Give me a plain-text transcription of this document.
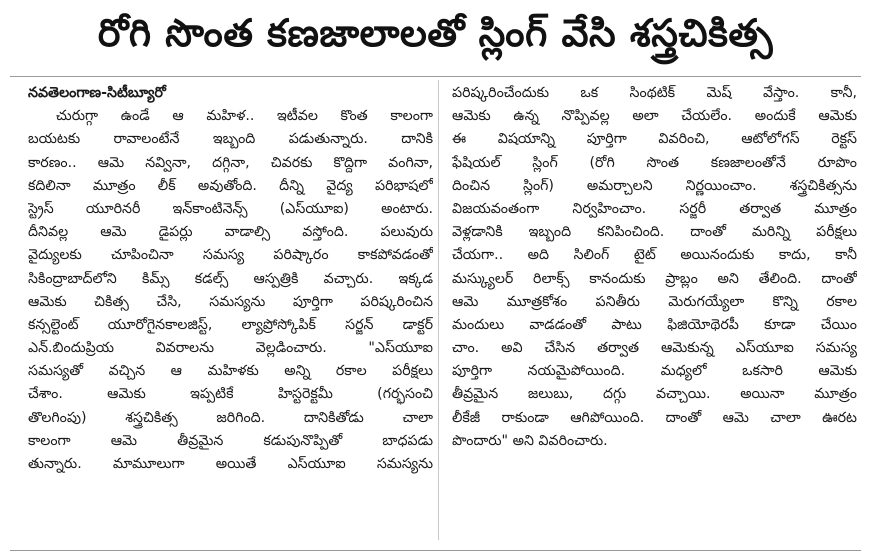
రోగి సొంత కణజాలాలతో స్లింగ్ వేసి శస్త్రచికిత్స
నవతెలంగాణ-సిటీబ్యూరో
చురుగ్గా ఉండే ఆ మహిళ.. ఇటీవల కొంత కాలంగా
బయటకు రావాలంటేనే ఇబ్బంది పడుతున్నారు. దానికి
కారణం.. ఆమె నవ్వినా, దగ్గినా, చివరకు కొద్దిగా వంగినా,
కదిలినా మూత్రం లీక్ అవుతోంది. దీన్ని వైద్య పరిభాషలో
స్ట్రెస్ యూరినరీ ఇన్‌కాంటినెన్స్ (ఎస్‌యూఐ) అంటారు.
దీనివల్ల ఆమె డైపర్లు వాడాల్సి వస్తోంది. పలువురు
వైద్యులకు చూపించినా సమస్య పరిష్కారం కాకపోవడంతో
సికింద్రాబాద్‌లోని కిమ్స్ కడల్స్ ఆస్పత్రికి వచ్చారు. ఇక్కడ
ఆమెకు చికిత్స చేసి, సమస్యను పూర్తిగా పరిష్కరించిన
కన్సల్టెంట్ యూరోగైనకాలజిస్ట్, ల్యాప్రోస్కోపిక్ సర్జన్ డాక్టర్
ఎన్.బిందుప్రియ వివరాలను వెల్లడించారు. "ఎస్‌యూఐ
సమస్యతో వచ్చిన ఆ మహిళకు అన్ని రకాల పరీక్షలు
చేశాం. ఆమెకు ఇప్పటికే హిస్టరెక్టమీ (గర్భసంచి
తొలగింపు) శస్త్రచికిత్స జరిగింది. దానికితోడు చాలా
కాలంగా ఆమె తీవ్రమైన కడుపునొప్పితో బాధపడు
తున్నారు. మామూలుగా అయితే ఎస్‌యూఐ సమస్యను
పరిష్కరించేందుకు ఒక సింథటిక్ మెష్ వేస్తాం. కానీ,
ఆమెకు ఉన్న నొప్పివల్ల అలా చేయలేం. అందుకే ఆమెకు
ఈ విషయాన్ని పూర్తిగా వివరించి, ఆటోలోగస్ రెక్టస్
ఫేషియల్ స్లింగ్ (రోగి సొంత కణజాలంతోనే రూపొం
దించిన స్లింగ్) అమర్చాలని నిర్ణయించాం. శస్త్రచికిత్సను
విజయవంతంగా నిర్వహించాం. సర్జరీ తర్వాత మూత్రం
వెళ్లడానికి ఇబ్బంది కనిపించింది. దాంతో మరిన్ని పరీక్షలు
చేయగా.. అది సిలింగ్ టైట్ అయినందుకు కాదు, కానీ
మస్క్యులర్ రిలాక్స్ కానందుకు ప్రాబ్లం అని తేలింది. దాంతో
ఆమె మూత్రకోశం పనితీరు మెరుగయ్యేలా కొన్ని రకాల
మందులు వాడడంతో పాటు ఫిజియోథెరపీ కూడా చేయిం
చాం. అవి చేసిన తర్వాత ఆమెకున్న ఎస్‌యూఐ సమస్య
పూర్తిగా నయమైపోయింది. మధ్యలో ఒకసారి ఆమెకు
తీవ్రమైన జలుబు, దగ్గు వచ్చాయి. అయినా మూత్రం
లీకేజీ రాకుండా ఆగిపోయింది. దాంతో ఆమె చాలా ఊరట
పొందారు" అని వివరించారు.
